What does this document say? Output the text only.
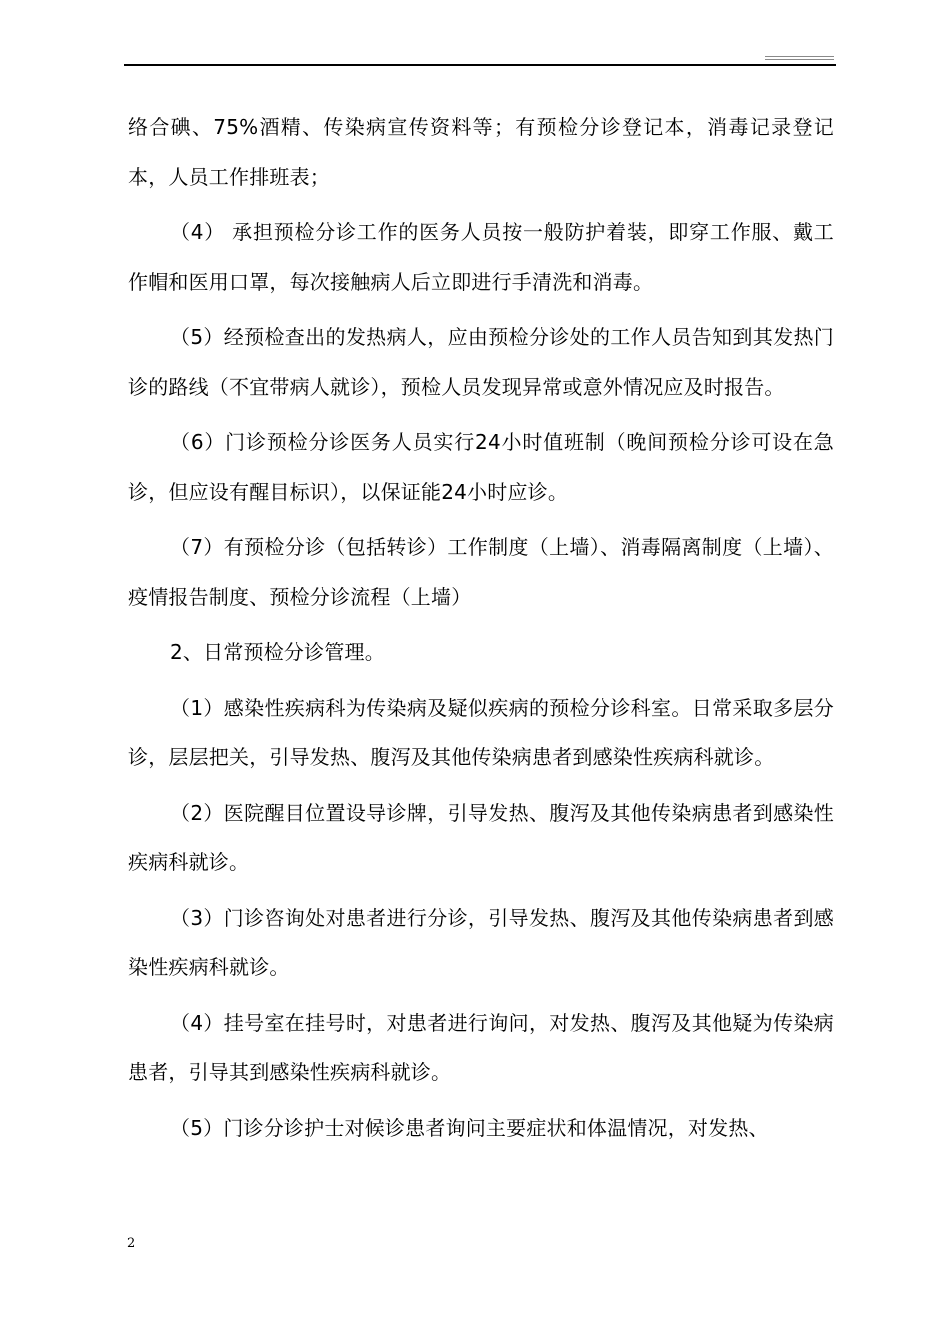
络合碘、75%酒精、传染病宣传资料等；有预检分诊登记本，消毒记录登记本，人员工作排班表；

（4） 承担预检分诊工作的医务人员按一般防护着装，即穿工作服、戴工作帽和医用口罩，每次接触病人后立即进行手清洗和消毒。

（5）经预检查出的发热病人，应由预检分诊处的工作人员告知到其发热门诊的路线（不宜带病人就诊），预检人员发现异常或意外情况应及时报告。

（6）门诊预检分诊医务人员实行24小时值班制（晚间预检分诊可设在急诊，但应设有醒目标识），以保证能24小时应诊。

（7）有预检分诊（包括转诊）工作制度（上墙）、消毒隔离制度（上墙）、疫情报告制度、预检分诊流程（上墙）

2、日常预检分诊管理。

（1）感染性疾病科为传染病及疑似疾病的预检分诊科室。日常采取多层分诊，层层把关，引导发热、腹泻及其他传染病患者到感染性疾病科就诊。

（2）医院醒目位置设导诊牌，引导发热、腹泻及其他传染病患者到感染性疾病科就诊。

（3）门诊咨询处对患者进行分诊，引导发热、腹泻及其他传染病患者到感染性疾病科就诊。

（4）挂号室在挂号时，对患者进行询问，对发热、腹泻及其他疑为传染病患者，引导其到感染性疾病科就诊。

（5）门诊分诊护士对候诊患者询问主要症状和体温情况，对发热、

2
